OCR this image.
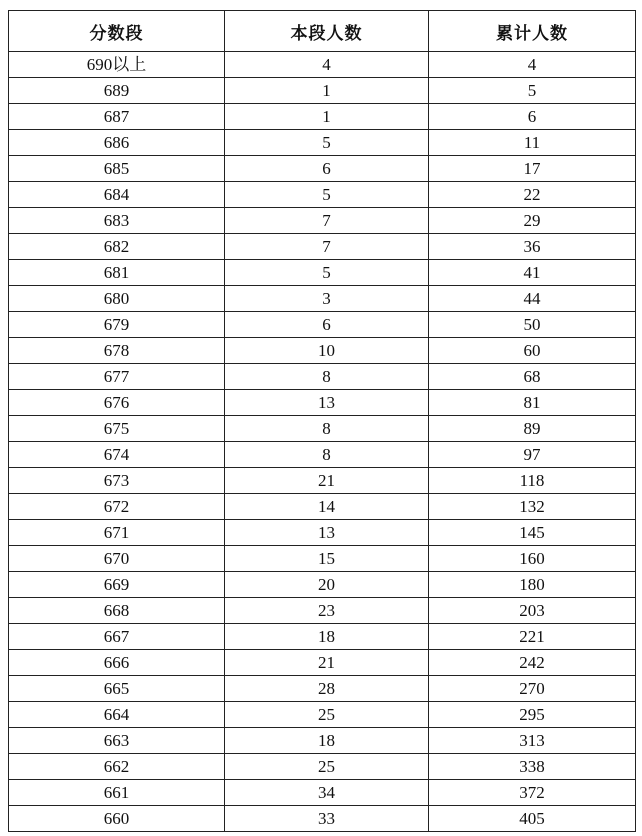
分数段	本段人数	累计人数
690以上	4	4
689	1	5
687	1	6
686	5	11
685	6	17
684	5	22
683	7	29
682	7	36
681	5	41
680	3	44
679	6	50
678	10	60
677	8	68
676	13	81
675	8	89
674	8	97
673	21	118
672	14	132
671	13	145
670	15	160
669	20	180
668	23	203
667	18	221
666	21	242
665	28	270
664	25	295
663	18	313
662	25	338
661	34	372
660	33	405
